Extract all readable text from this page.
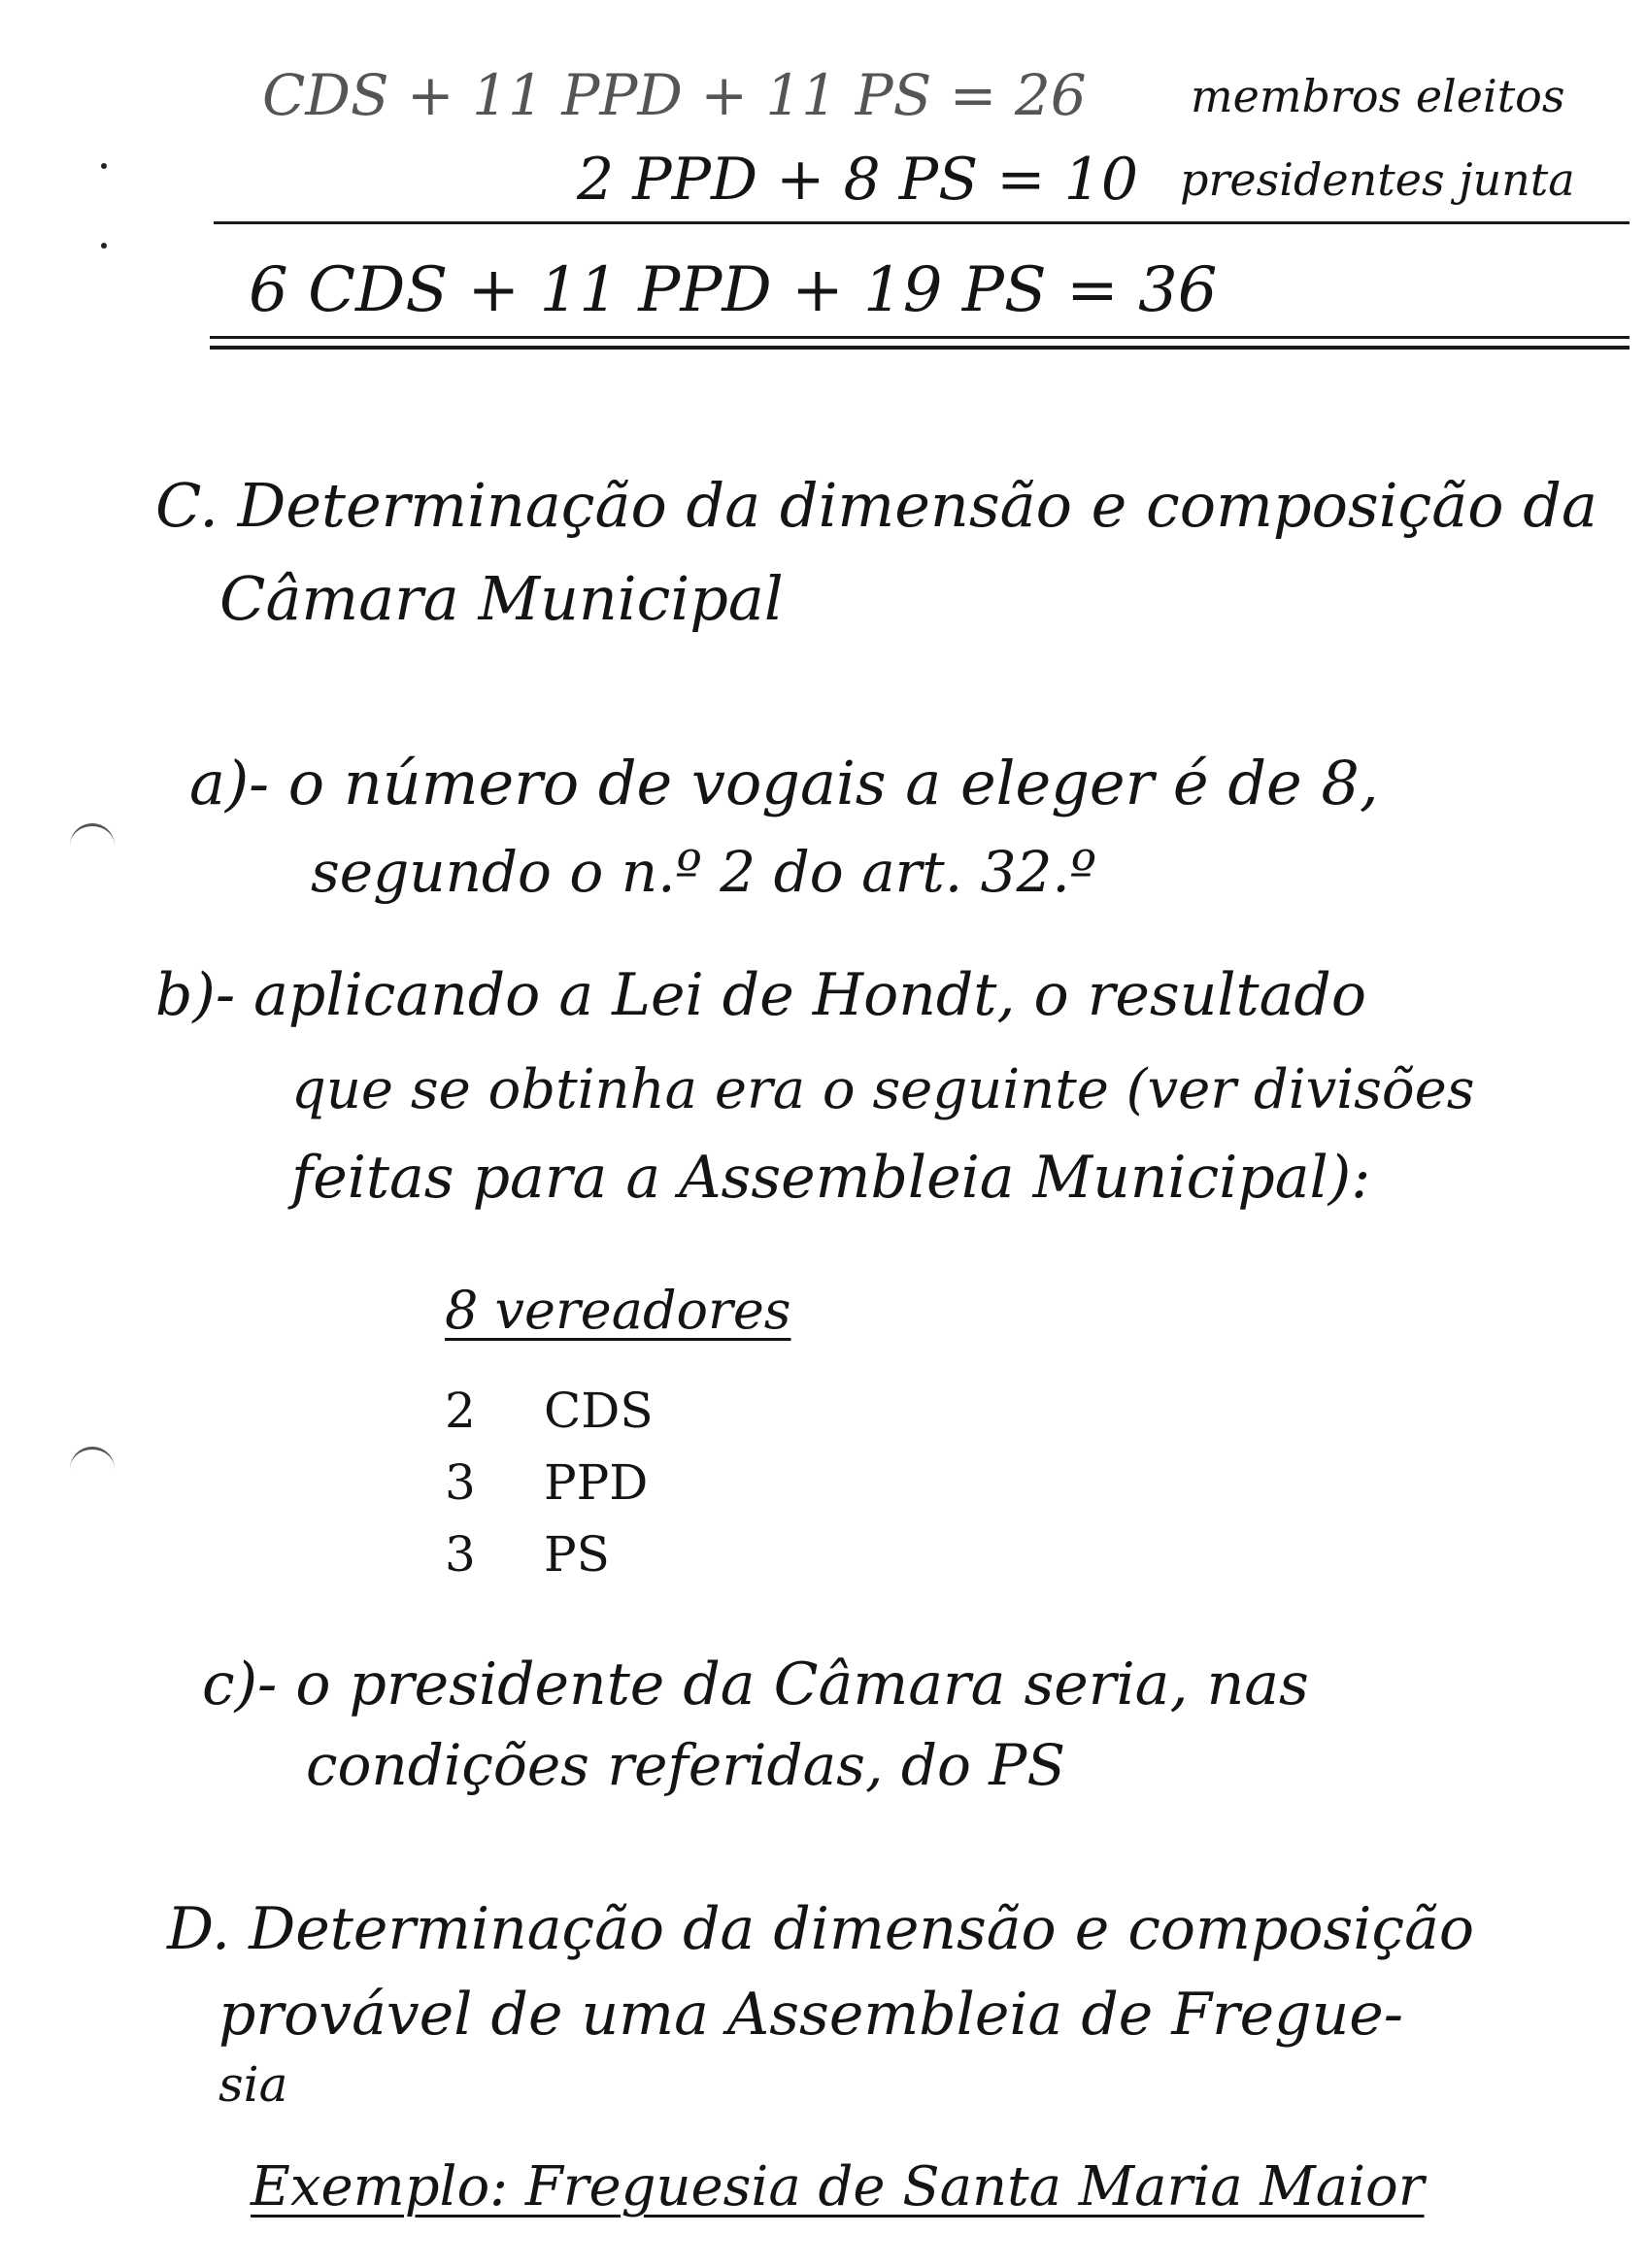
CDS + 11 PPD + 11 PS = 26 membros eleitos
2 PPD + 8 PS = 10 presidentes junta
6 CDS + 11 PPD + 19 PS = 36
C. Determinação da dimensão e composição da
Câmara Municipal
a)- o número de vogais a eleger é de 8,
segundo o n.º 2 do art. 32.º
b)- aplicando a Lei de Hondt, o resultado
que se obtinha era o seguinte (ver divisões
feitas para a Assembleia Municipal):
8 vereadores
2 CDS
3 PPD
3 PS
c)- o presidente da Câmara seria, nas
condições referidas, do PS
D. Determinação da dimensão e composição
provável de uma Assembleia de Fregue-
sia
Exemplo: Freguesia de Santa Maria Maior
